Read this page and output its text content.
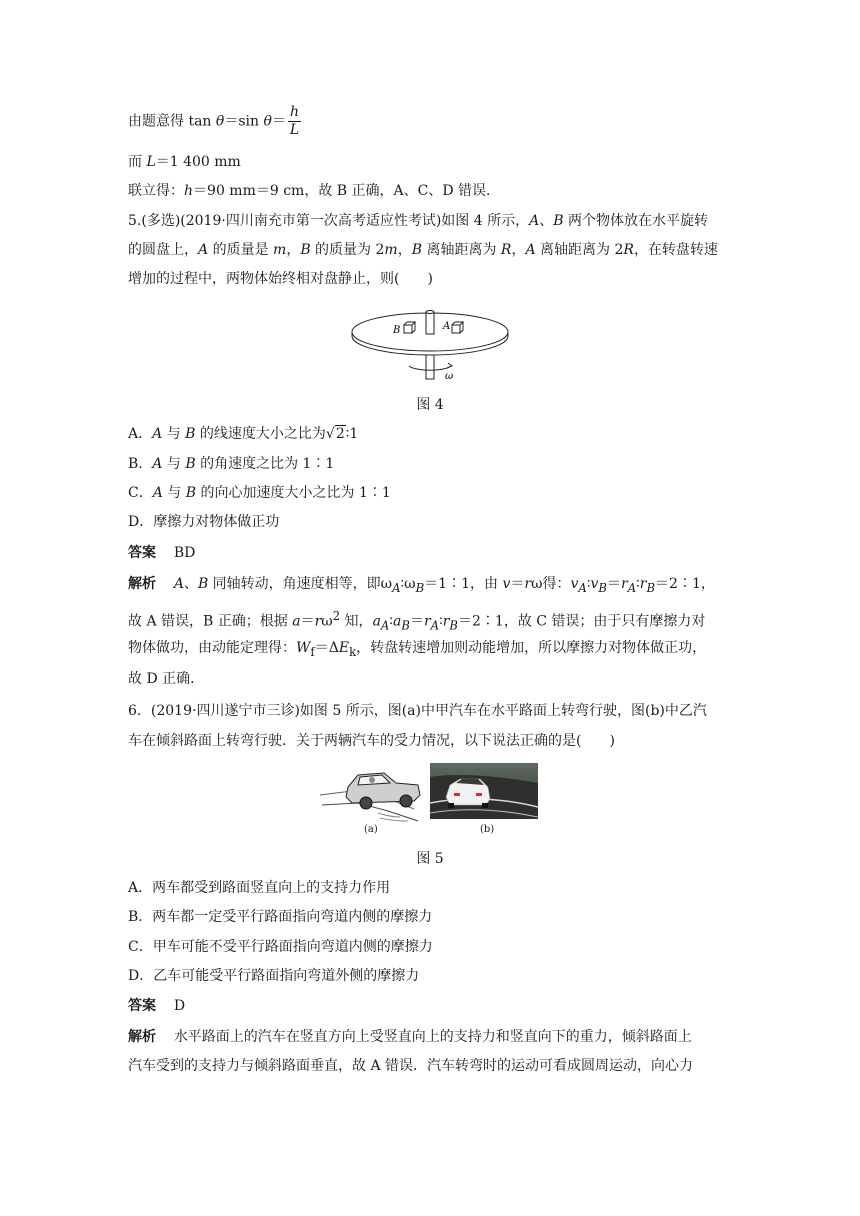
由题意得 tan θ＝sin $\theta= \frac{h}{L}$
而 L＝1 400 mm
联立得：h＝90 mm＝9 cm，故 B 正确，A、C、D 错误．
5.(多选)(2019·四川南充市第一次高考适应性考试)如图 4 所示，A、B 两个物体放在水平旋转
的圆盘上，A 的质量是 m，B 的质量为 2m，B 离轴距离为 R，A 离轴距离为 2R，在转盘转速
增加的过程中，两物体始终相对盘静止，则(　　)
B	A
ω
图 4
A．A 与 B 的线速度大小之比为√2∶1
B．A 与 B 的角速度之比为 1∶1
C．A 与 B 的向心加速度大小之比为 1∶1
D．摩擦力对物体做正功
答案 BD
解析 A、B 同轴转动，角速度相等，即$\omega_A∶\omega_B=1∶1$，由 v＝rω得：$v_A∶v_B=r_A∶r_B=2∶1$，
故 A 错误，B 正确；根据 $a=r\omega^2$ 知，$a_A∶a_B=r_A∶r_B=2∶1$，故 C 错误；由于只有摩擦力对
物体做功，由动能定理得：$W_f=\Delta E_k$，转盘转速增加则动能增加，所以摩擦力对物体做正功，
故 D 正确．
6．(2019·四川遂宁市三诊)如图 5 所示，图(a)中甲汽车在水平路面上转弯行驶，图(b)中乙汽
车在倾斜路面上转弯行驶．关于两辆汽车的受力情况，以下说法正确的是(　　)
(a)	(b)
图 5
A．两车都受到路面竖直向上的支持力作用
B．两车都一定受平行路面指向弯道内侧的摩擦力
C．甲车可能不受平行路面指向弯道内侧的摩擦力
D．乙车可能受平行路面指向弯道外侧的摩擦力
答案 D
解析 水平路面上的汽车在竖直方向上受竖直向上的支持力和竖直向下的重力，倾斜路面上
汽车受到的支持力与倾斜路面垂直，故 A 错误．汽车转弯时的运动可看成圆周运动，向心力
